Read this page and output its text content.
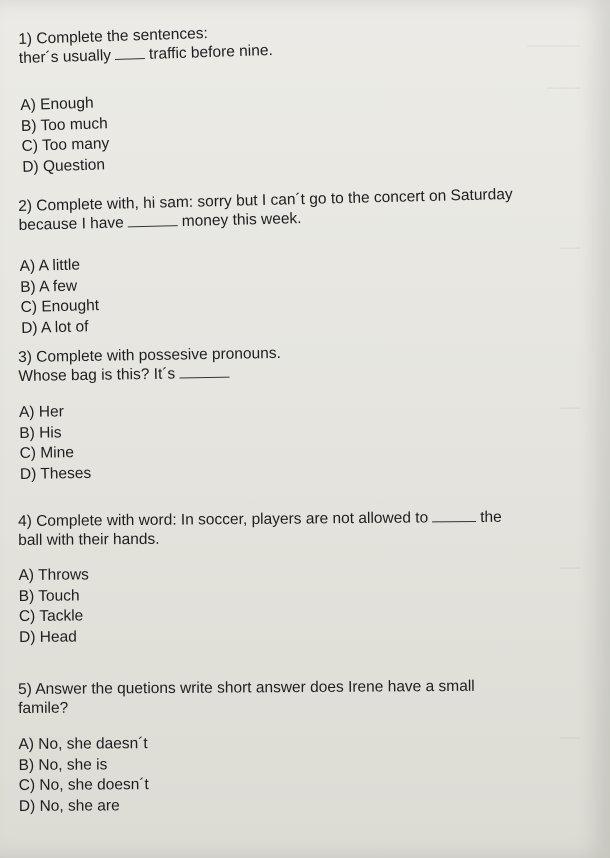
────────
─────
───
───
───
───
1) Complete the sentences:
ther´s usually traffic before nine.
A) Enough
B) Too much
C) Too many
D) Question
2) Complete with, hi sam: sorry but I can´t go to the concert on Saturday
because I have	money this week.
A) A little
B) A few
C) Enought
D) A lot of
3) Complete with possesive pronouns.
Whose bag is this? It´s
A) Her
B) His
C) Mine
D) Theses
4) Complete with word: In soccer, players are not allowed to	the
ball with their hands.
A) Throws
B) Touch
C) Tackle
D) Head
5) Answer the quetions write short answer does Irene have a small
famile?
A) No, she daesn´t
B) No, she is
C) No, she doesn´t
D) No, she are
